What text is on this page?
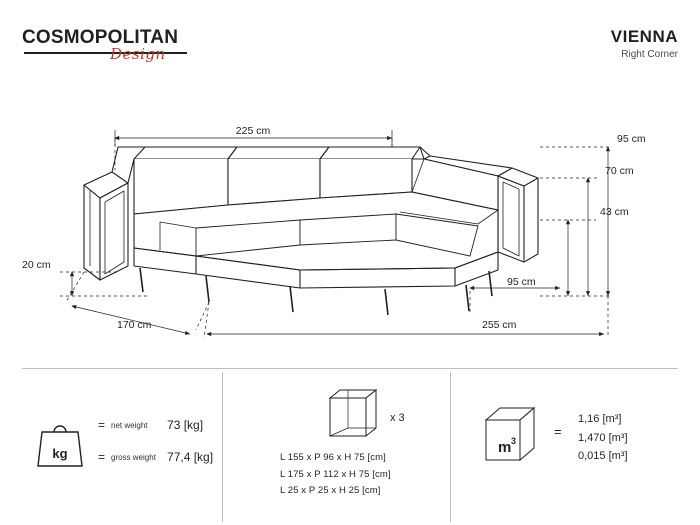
COSMOPOLITAN
Design
VIENNA
Right Corner
225 cm
95 cm
70 cm
43 cm
20 cm
170 cm	255 cm
95 cm
kg
= net weight	73 [kg]
= gross weight 77,4 [kg]
x 3
L 155 x P 96 x H 75 [cm]
L 175 x P 112 x H 75 [cm]
L 25 x P 25 x H 25 [cm]
m 3
=
1,16 [m³]
1,470 [m³]
0,015 [m³]
